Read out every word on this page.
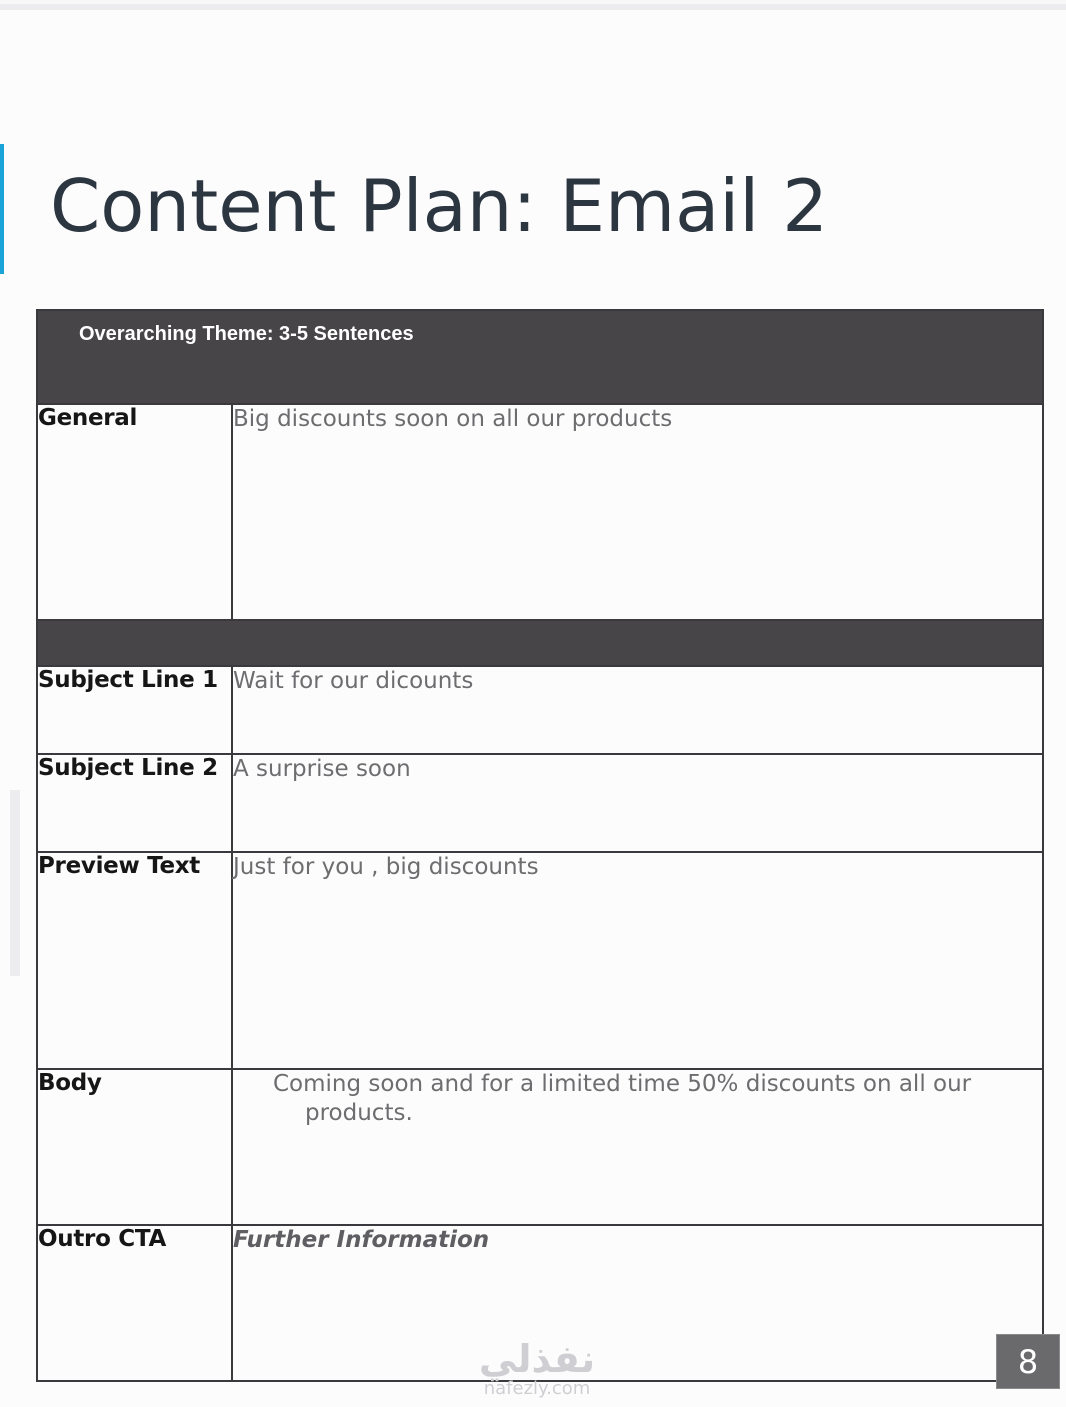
Content Plan: Email 2
Overarching Theme: 3-5 Sentences	

General	Big discounts soon on all our products

Subject Line 1	Wait for our dicounts
Subject Line 2	A surprise soon
Preview Text	Just for you , big discounts
Body	Coming soon and for a limited time 50% discounts on all our products.
Outro CTA	Further Information
نفذلي
nafezly.com
8
